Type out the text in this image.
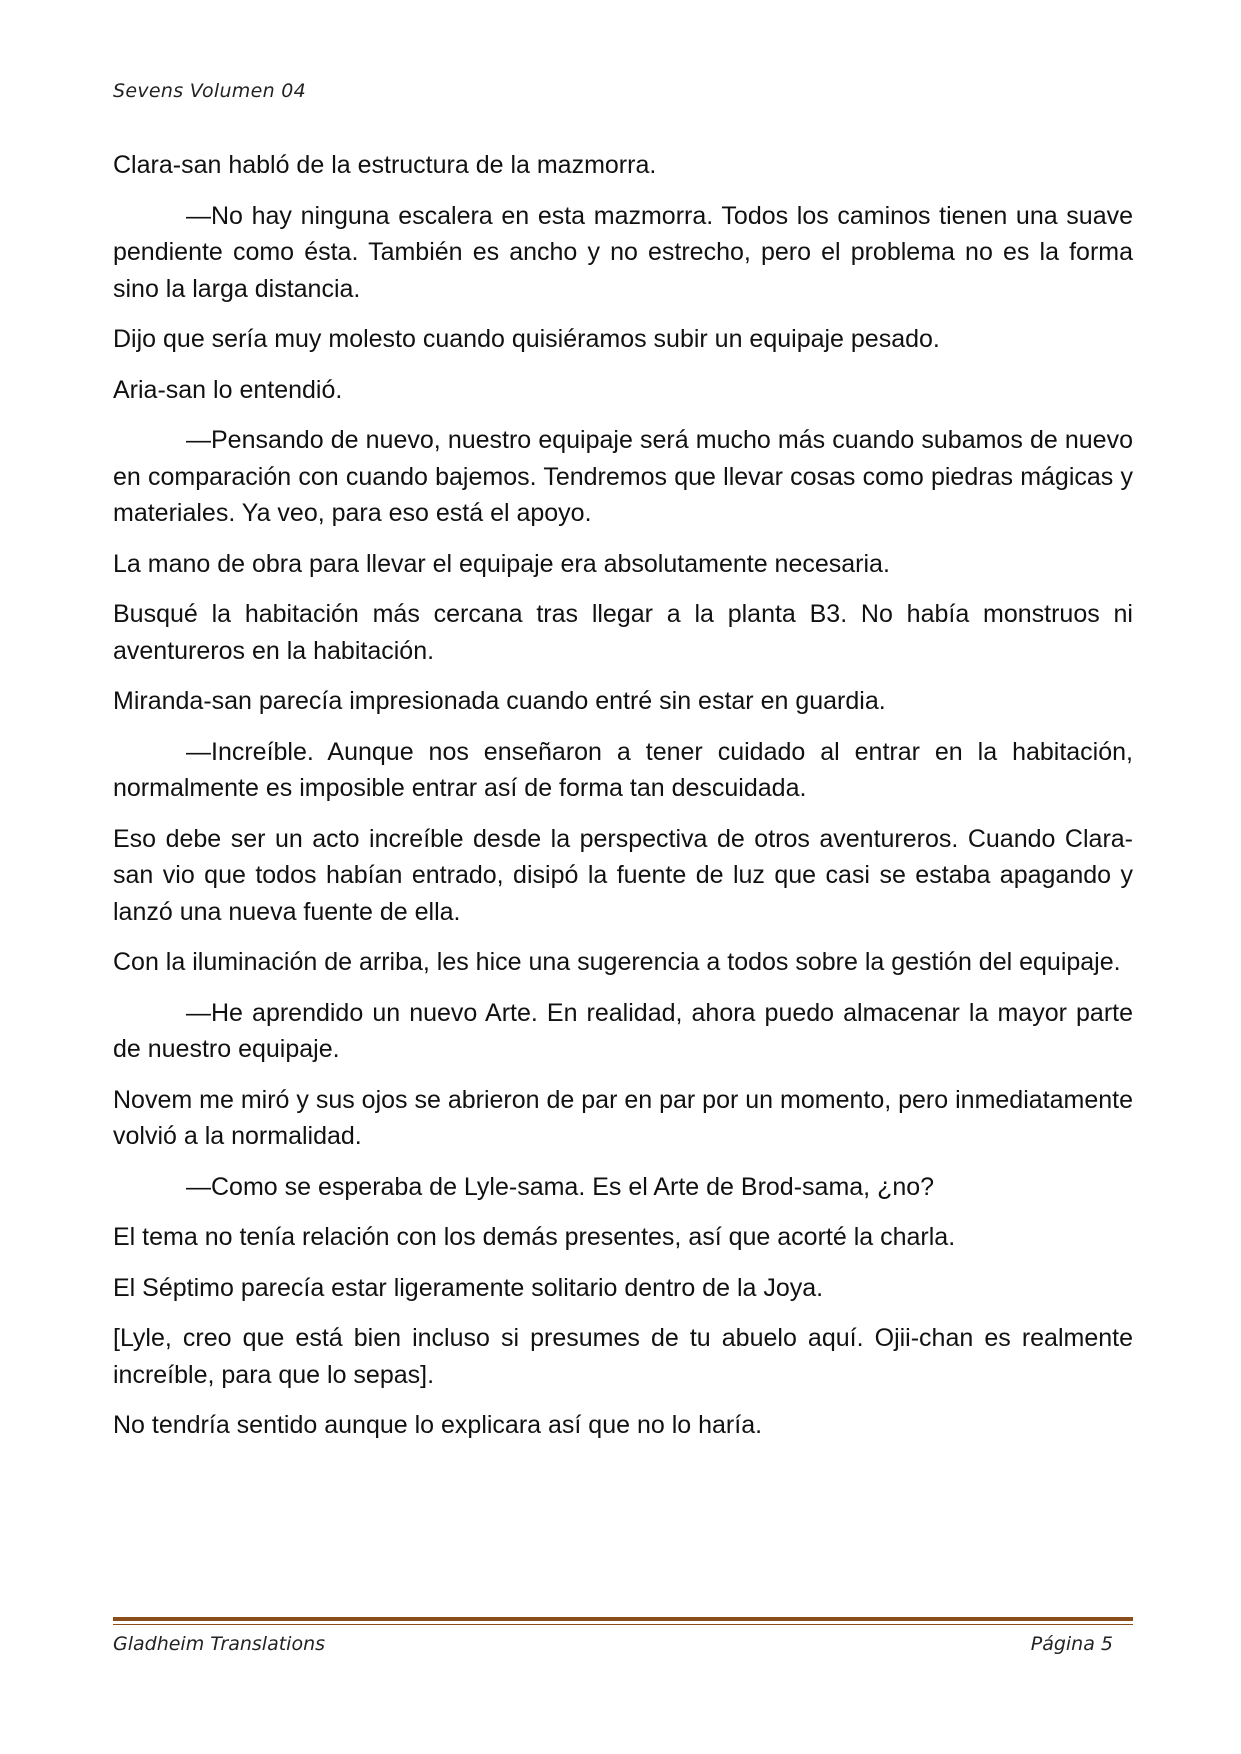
Sevens Volumen 04

Clara-san habló de la estructura de la mazmorra.

—No hay ninguna escalera en esta mazmorra. Todos los caminos tienen una suave pendiente como ésta. También es ancho y no estrecho, pero el problema no es la forma sino la larga distancia.

Dijo que sería muy molesto cuando quisiéramos subir un equipaje pesado.

Aria-san lo entendió.

—Pensando de nuevo, nuestro equipaje será mucho más cuando subamos de nuevo en comparación con cuando bajemos. Tendremos que llevar cosas como piedras mágicas y materiales. Ya veo, para eso está el apoyo.

La mano de obra para llevar el equipaje era absolutamente necesaria.

Busqué la habitación más cercana tras llegar a la planta B3. No había monstruos ni aventureros en la habitación.

Miranda-san parecía impresionada cuando entré sin estar en guardia.

—Increíble. Aunque nos enseñaron a tener cuidado al entrar en la habitación, normalmente es imposible entrar así de forma tan descuidada.

Eso debe ser un acto increíble desde la perspectiva de otros aventureros. Cuando Clara-san vio que todos habían entrado, disipó la fuente de luz que casi se estaba apagando y lanzó una nueva fuente de ella.

Con la iluminación de arriba, les hice una sugerencia a todos sobre la gestión del equipaje.

—He aprendido un nuevo Arte. En realidad, ahora puedo almacenar la mayor parte de nuestro equipaje.

Novem me miró y sus ojos se abrieron de par en par por un momento, pero inmediatamente volvió a la normalidad.

—Como se esperaba de Lyle-sama. Es el Arte de Brod-sama, ¿no?

El tema no tenía relación con los demás presentes, así que acorté la charla.

El Séptimo parecía estar ligeramente solitario dentro de la Joya.

[Lyle, creo que está bien incluso si presumes de tu abuelo aquí. Ojii-chan es realmente increíble, para que lo sepas].

No tendría sentido aunque lo explicara así que no lo haría.

Gladheim Translations	Página 5
